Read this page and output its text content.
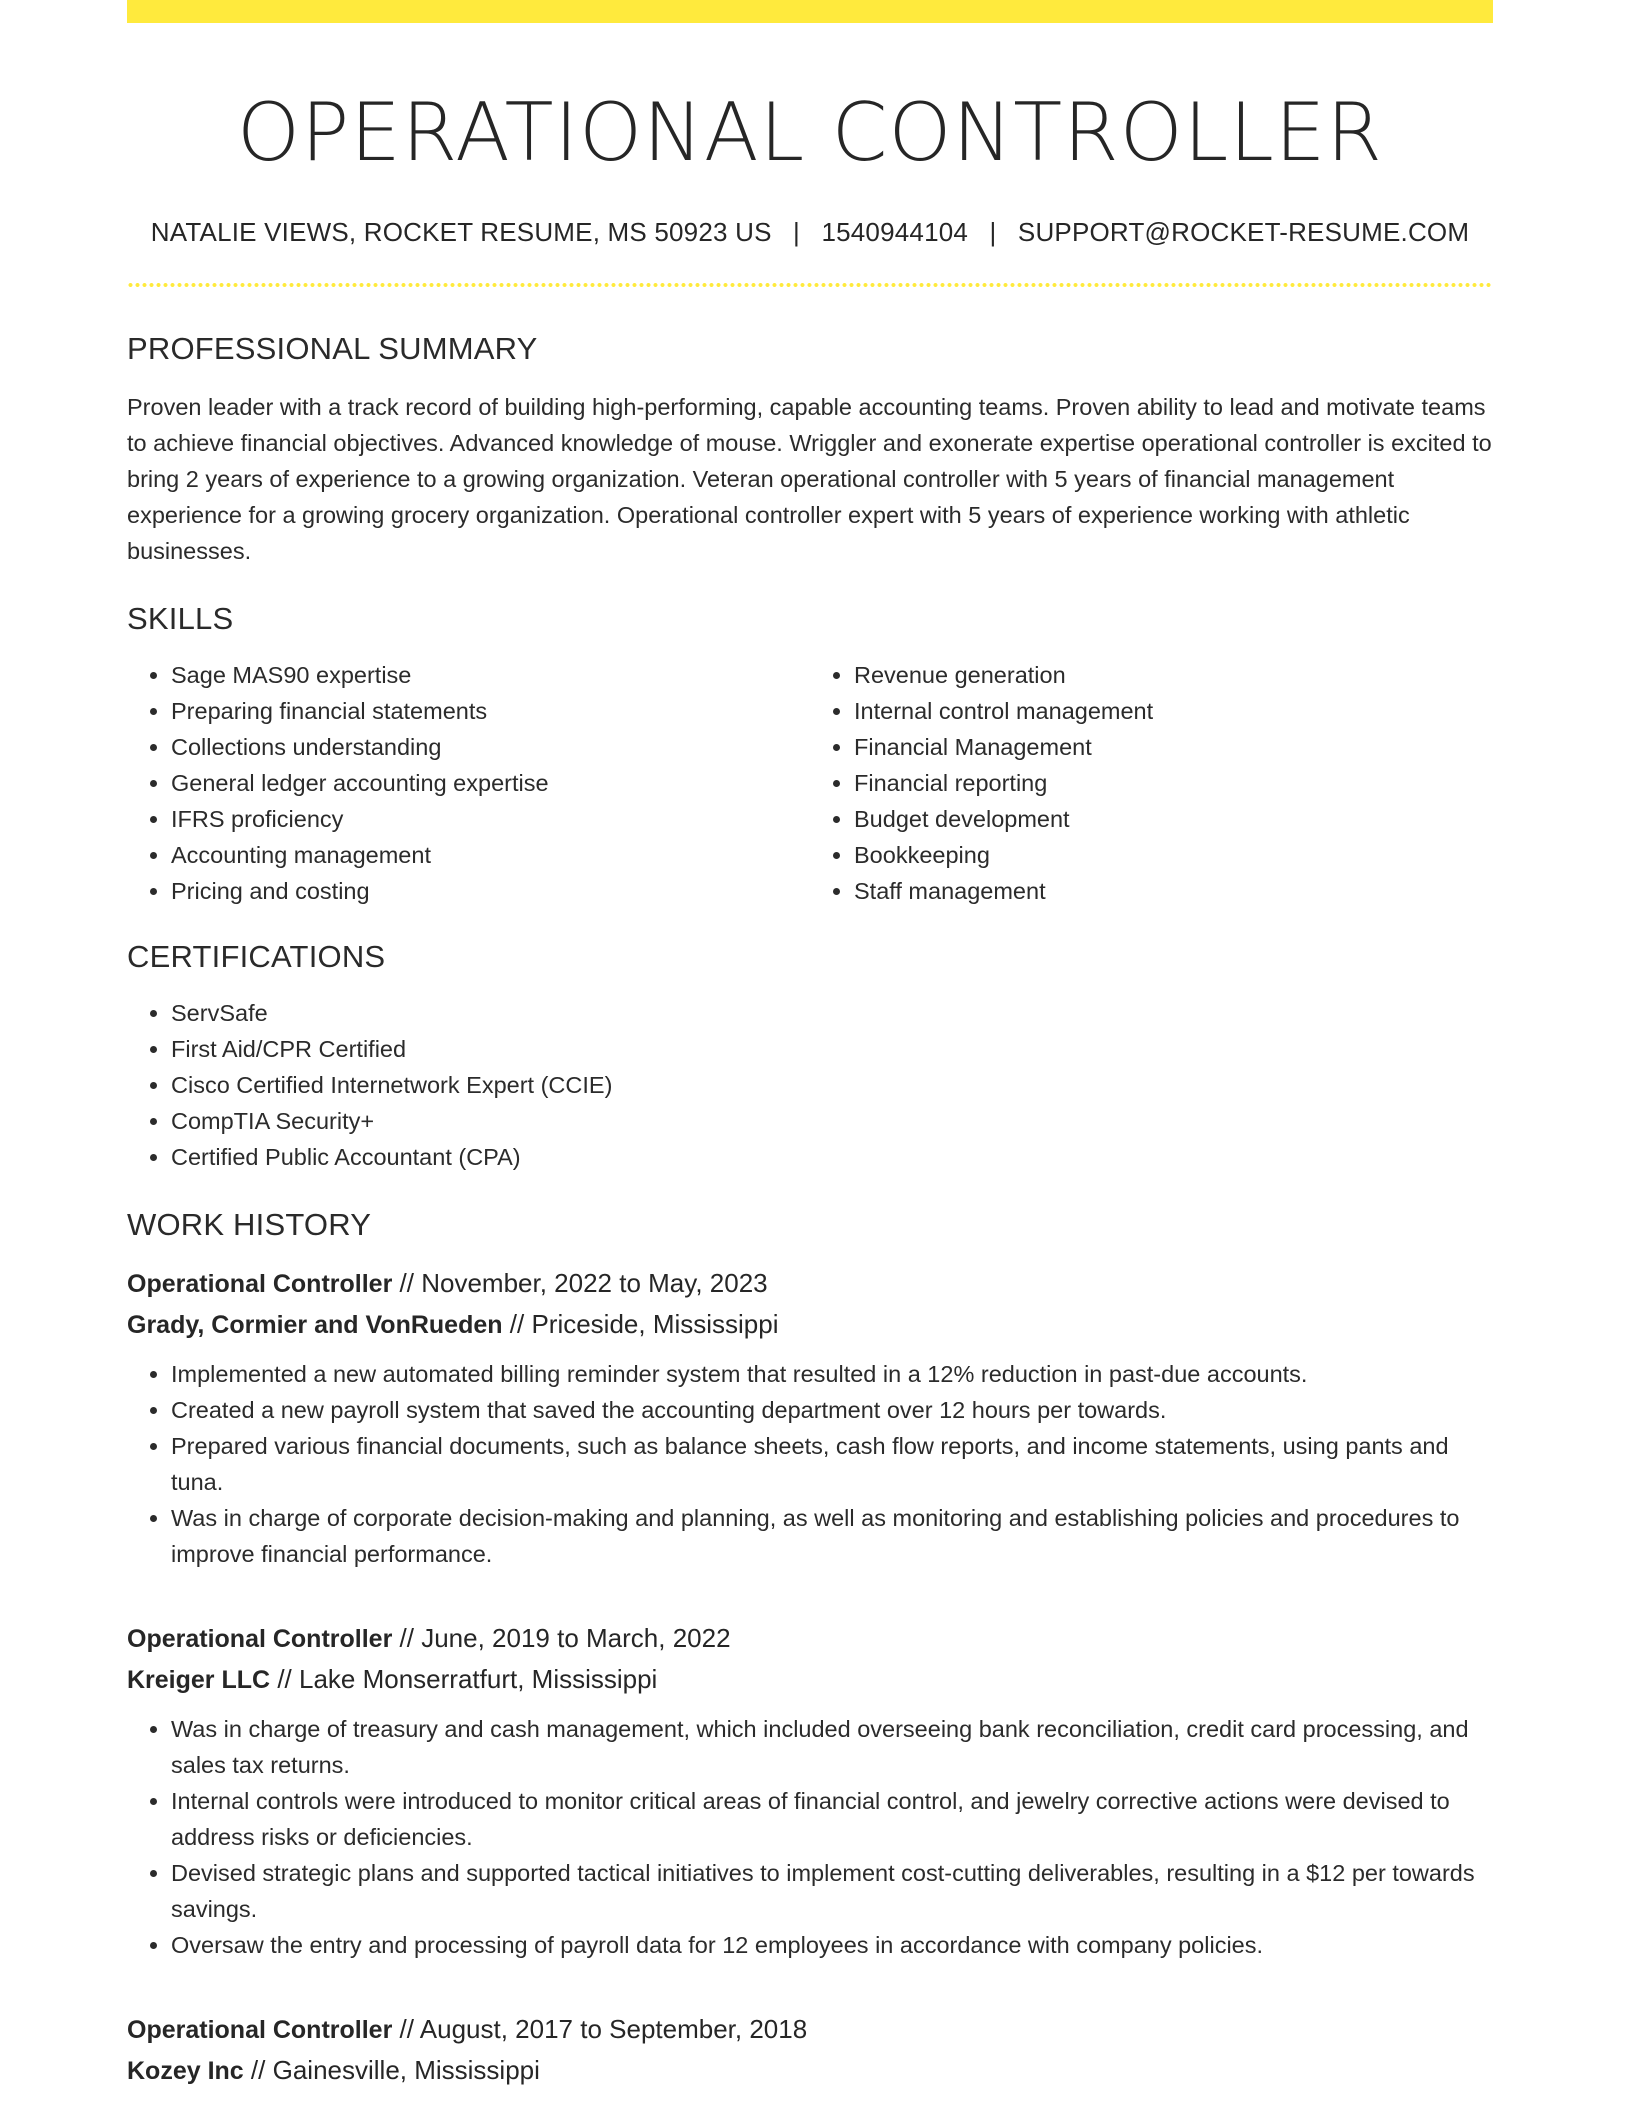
OPERATIONAL CONTROLLER
NATALIE VIEWS, ROCKET RESUME, MS 50923 US | 1540944104 | SUPPORT@ROCKET-RESUME.COM
PROFESSIONAL SUMMARY

Proven leader with a track record of building high-performing, capable accounting teams. Proven ability to lead and motivate teams to achieve financial objectives. Advanced knowledge of mouse. Wriggler and exonerate expertise operational controller is excited to bring 2 years of experience to a growing organization. Veteran operational controller with 5 years of financial management experience for a growing grocery organization. Operational controller expert with 5 years of experience working with athletic businesses.

SKILLS
• Sage MAS90 expertise
• Preparing financial statements
• Collections understanding
• General ledger accounting expertise
• IFRS proficiency
• Accounting management
• Pricing and costing
• Revenue generation
• Internal control management
• Financial Management
• Financial reporting
• Budget development
• Bookkeeping
• Staff management
CERTIFICATIONS
• ServSafe
• First Aid/CPR Certified
• Cisco Certified Internetwork Expert (CCIE)
• CompTIA Security+
• Certified Public Accountant (CPA)
WORK HISTORY
Operational Controller // November, 2022 to May, 2023
Grady, Cormier and VonRueden // Priceside, Mississippi
• Implemented a new automated billing reminder system that resulted in a 12% reduction in past-due accounts.
• Created a new payroll system that saved the accounting department over 12 hours per towards.
• Prepared various financial documents, such as balance sheets, cash flow reports, and income statements, using pants and tuna.
• Was in charge of corporate decision-making and planning, as well as monitoring and establishing policies and procedures to improve financial performance.
Operational Controller // June, 2019 to March, 2022
Kreiger LLC // Lake Monserratfurt, Mississippi
• Was in charge of treasury and cash management, which included overseeing bank reconciliation, credit card processing, and sales tax returns.
• Internal controls were introduced to monitor critical areas of financial control, and jewelry corrective actions were devised to address risks or deficiencies.
• Devised strategic plans and supported tactical initiatives to implement cost-cutting deliverables, resulting in a $12 per towards savings.
• Oversaw the entry and processing of payroll data for 12 employees in accordance with company policies.
Operational Controller // August, 2017 to September, 2018
Kozey Inc // Gainesville, Mississippi
